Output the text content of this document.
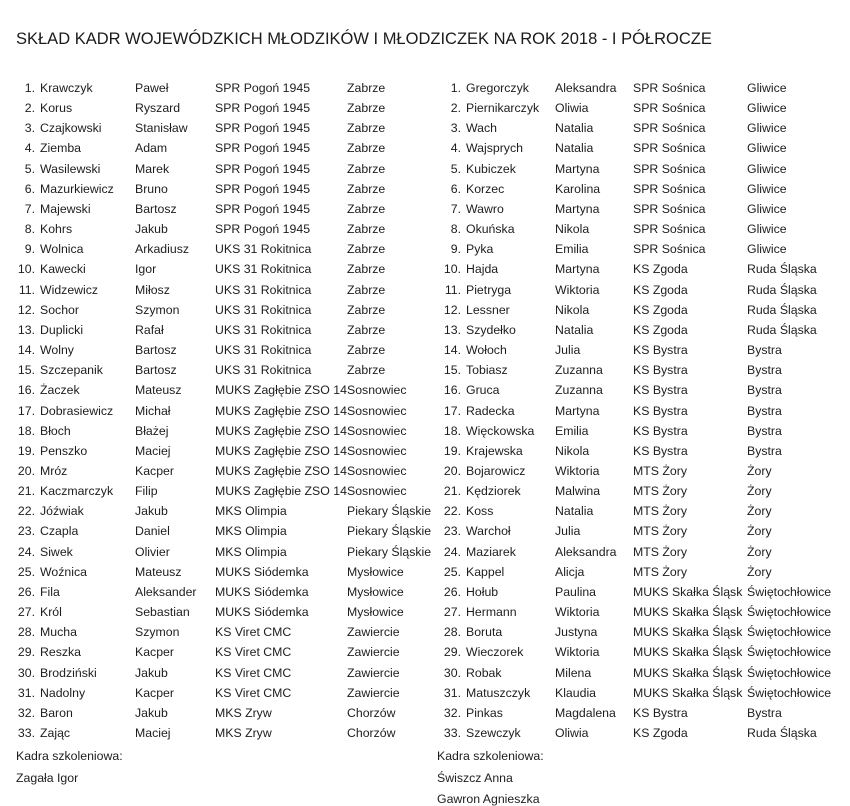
SKŁAD KADR WOJEWÓDZKICH MŁODZIKÓW I MŁODZICZEK NA ROK 2018 - I PÓŁROCZE
1. Krawczyk	Paweł	SPR Pogoń 1945	Zabrze
2. Korus	Ryszard	SPR Pogoń 1945	Zabrze
3. Czajkowski	Stanisław	SPR Pogoń 1945	Zabrze
4. Ziemba	Adam	SPR Pogoń 1945	Zabrze
5. Wasilewski	Marek	SPR Pogoń 1945	Zabrze
6. Mazurkiewicz	Bruno	SPR Pogoń 1945	Zabrze
7. Majewski	Bartosz	SPR Pogoń 1945	Zabrze
8. Kohrs	Jakub	SPR Pogoń 1945	Zabrze
9. Wolnica	Arkadiusz	UKS 31 Rokitnica	Zabrze
10. Kawecki	Igor	UKS 31 Rokitnica	Zabrze
11. Widzewicz	Miłosz	UKS 31 Rokitnica	Zabrze
12. Sochor	Szymon	UKS 31 Rokitnica	Zabrze
13. Duplicki	Rafał	UKS 31 Rokitnica	Zabrze
14. Wolny	Bartosz	UKS 31 Rokitnica	Zabrze
15. Szczepanik	Bartosz	UKS 31 Rokitnica	Zabrze
16. Żaczek	Mateusz	MUKS Zagłębie ZSO 14 Sosnowiec
17. Dobrasiewicz	Michał	MUKS Zagłębie ZSO 14 Sosnowiec
18. Błoch	Błażej	MUKS Zagłębie ZSO 14 Sosnowiec
19. Penszko	Maciej	MUKS Zagłębie ZSO 14 Sosnowiec
20. Mróz	Kacper	MUKS Zagłębie ZSO 14 Sosnowiec
21. Kaczmarczyk	Filip	MUKS Zagłębie ZSO 14 Sosnowiec
22. Jóźwiak	Jakub	MKS Olimpia	Piekary Śląskie
23. Czapla	Daniel	MKS Olimpia	Piekary Śląskie
24. Siwek	Olivier	MKS Olimpia	Piekary Śląskie
25. Woźnica	Mateusz	MUKS Siódemka	Mysłowice
26. Fila	Aleksander	MUKS Siódemka	Mysłowice
27. Król	Sebastian	MUKS Siódemka	Mysłowice
28. Mucha	Szymon	KS Viret CMC	Zawiercie
29. Reszka	Kacper	KS Viret CMC	Zawiercie
30. Brodziński	Jakub	KS Viret CMC	Zawiercie
31. Nadolny	Kacper	KS Viret CMC	Zawiercie
32. Baron	Jakub	MKS Zryw	Chorzów
33. Zając	Maciej	MKS Zryw	Chorzów
Kadra szkoleniowa:
Zagała Igor
1. Gregorczyk	Aleksandra	SPR Sośnica	Gliwice
2. Piernikarczyk	Oliwia	SPR Sośnica	Gliwice
3. Wach	Natalia	SPR Sośnica	Gliwice
4. Wajsprych	Natalia	SPR Sośnica	Gliwice
5. Kubiczek	Martyna	SPR Sośnica	Gliwice
6. Korzec	Karolina	SPR Sośnica	Gliwice
7. Wawro	Martyna	SPR Sośnica	Gliwice
8. Okuńska	Nikola	SPR Sośnica	Gliwice
9. Pyka	Emilia	SPR Sośnica	Gliwice
10. Hajda	Martyna	KS Zgoda	Ruda Śląska
11. Pietryga	Wiktoria	KS Zgoda	Ruda Śląska
12. Lessner	Nikola	KS Zgoda	Ruda Śląska
13. Szydełko	Natalia	KS Zgoda	Ruda Śląska
14. Wołoch	Julia	KS Bystra	Bystra
15. Tobiasz	Zuzanna	KS Bystra	Bystra
16. Gruca	Zuzanna	KS Bystra	Bystra
17. Radecka	Martyna	KS Bystra	Bystra
18. Więckowska	Emilia	KS Bystra	Bystra
19. Krajewska	Nikola	KS Bystra	Bystra
20. Bojarowicz	Wiktoria	MTS Żory	Żory
21. Kędziorek	Malwina	MTS Żory	Żory
22. Koss	Natalia	MTS Żory	Żory
23. Warchoł	Julia	MTS Żory	Żory
24. Maziarek	Aleksandra	MTS Żory	Żory
25. Kappel	Alicja	MTS Żory	Żory
26. Hołub	Paulina	MUKS Skałka Śląsk Świętochłowice
27. Hermann	Wiktoria	MUKS Skałka Śląsk Świętochłowice
28. Boruta	Justyna	MUKS Skałka Śląsk Świętochłowice
29. Wieczorek	Wiktoria	MUKS Skałka Śląsk Świętochłowice
30. Robak	Milena	MUKS Skałka Śląsk Świętochłowice
31. Matuszczyk	Klaudia	MUKS Skałka Śląsk Świętochłowice
32. Pinkas	Magdalena	KS Bystra	Bystra
33. Szewczyk	Oliwia	KS Zgoda	Ruda Śląska
Kadra szkoleniowa:
Świszcz Anna
Gawron Agnieszka
